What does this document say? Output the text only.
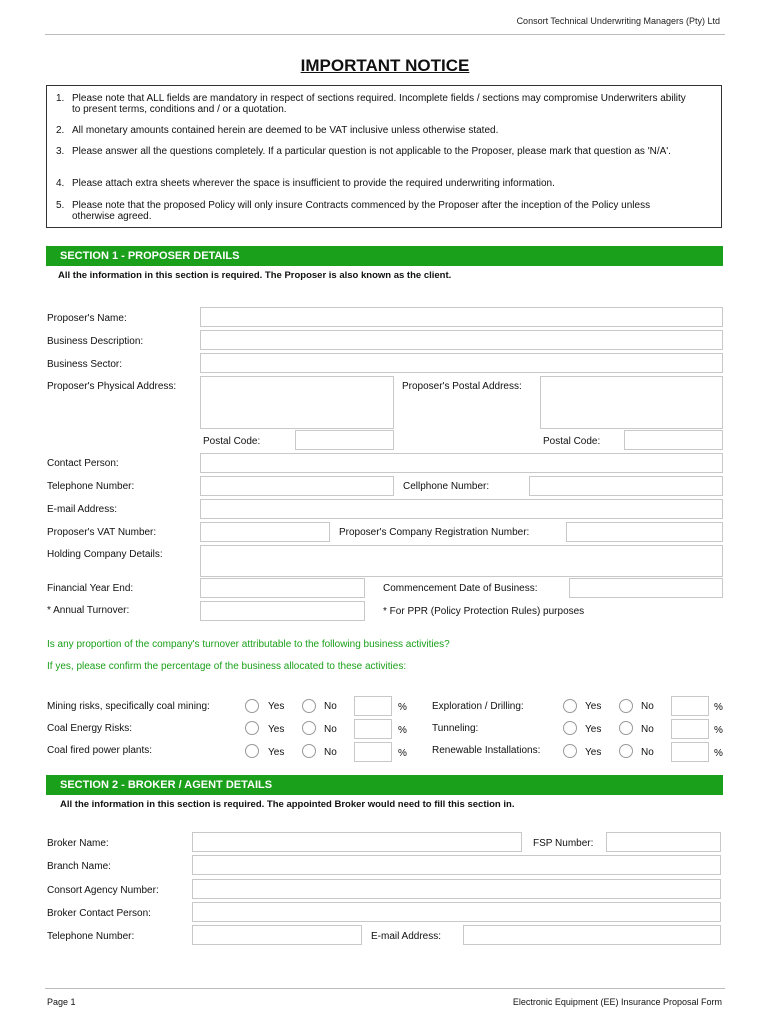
Consort Technical Underwriting Managers (Pty) Ltd
IMPORTANT NOTICE
1. Please note that ALL fields are mandatory in respect of sections required. Incomplete fields / sections may compromise Underwriters ability to present terms, conditions and / or a quotation.
2. All monetary amounts contained herein are deemed to be VAT inclusive unless otherwise stated.
3. Please answer all the questions completely. If a particular question is not applicable to the Proposer, please mark that question as 'N/A'.
4. Please attach extra sheets wherever the space is insufficient to provide the required underwriting information.
5. Please note that the proposed Policy will only insure Contracts commenced by the Proposer after the inception of the Policy unless otherwise agreed.
SECTION 1 - PROPOSER DETAILS
All the information in this section is required. The Proposer is also known as the client.
Proposer's Name:
Business Description:
Business Sector:
Proposer's Physical Address:	Proposer's Postal Address:
Postal Code:	Postal Code:
Contact Person:
Telephone Number:	Cellphone Number:
E-mail Address:
Proposer's VAT Number:	Proposer's Company Registration Number:
Holding Company Details:
Financial Year End:	Commencement Date of Business:
* Annual Turnover:	* For PPR (Policy Protection Rules) purposes
Is any proportion of the company's turnover attributable to the following business activities?
If yes, please confirm the percentage of the business allocated to these activities:
Mining risks, specifically coal mining:	Yes	No	%	Exploration / Drilling:	Yes	No	%
Coal Energy Risks:	Yes	No	%	Tunneling:	Yes	No	%
Coal fired power plants:	Yes	No	%	Renewable Installations:	Yes	No	%
SECTION 2 - BROKER / AGENT DETAILS
All the information in this section is required. The appointed Broker would need to fill this section in.
Broker Name:	FSP Number:
Branch Name:
Consort Agency Number:
Broker Contact Person:
Telephone Number:	E-mail Address:
Page 1	Electronic Equipment (EE) Insurance Proposal Form
